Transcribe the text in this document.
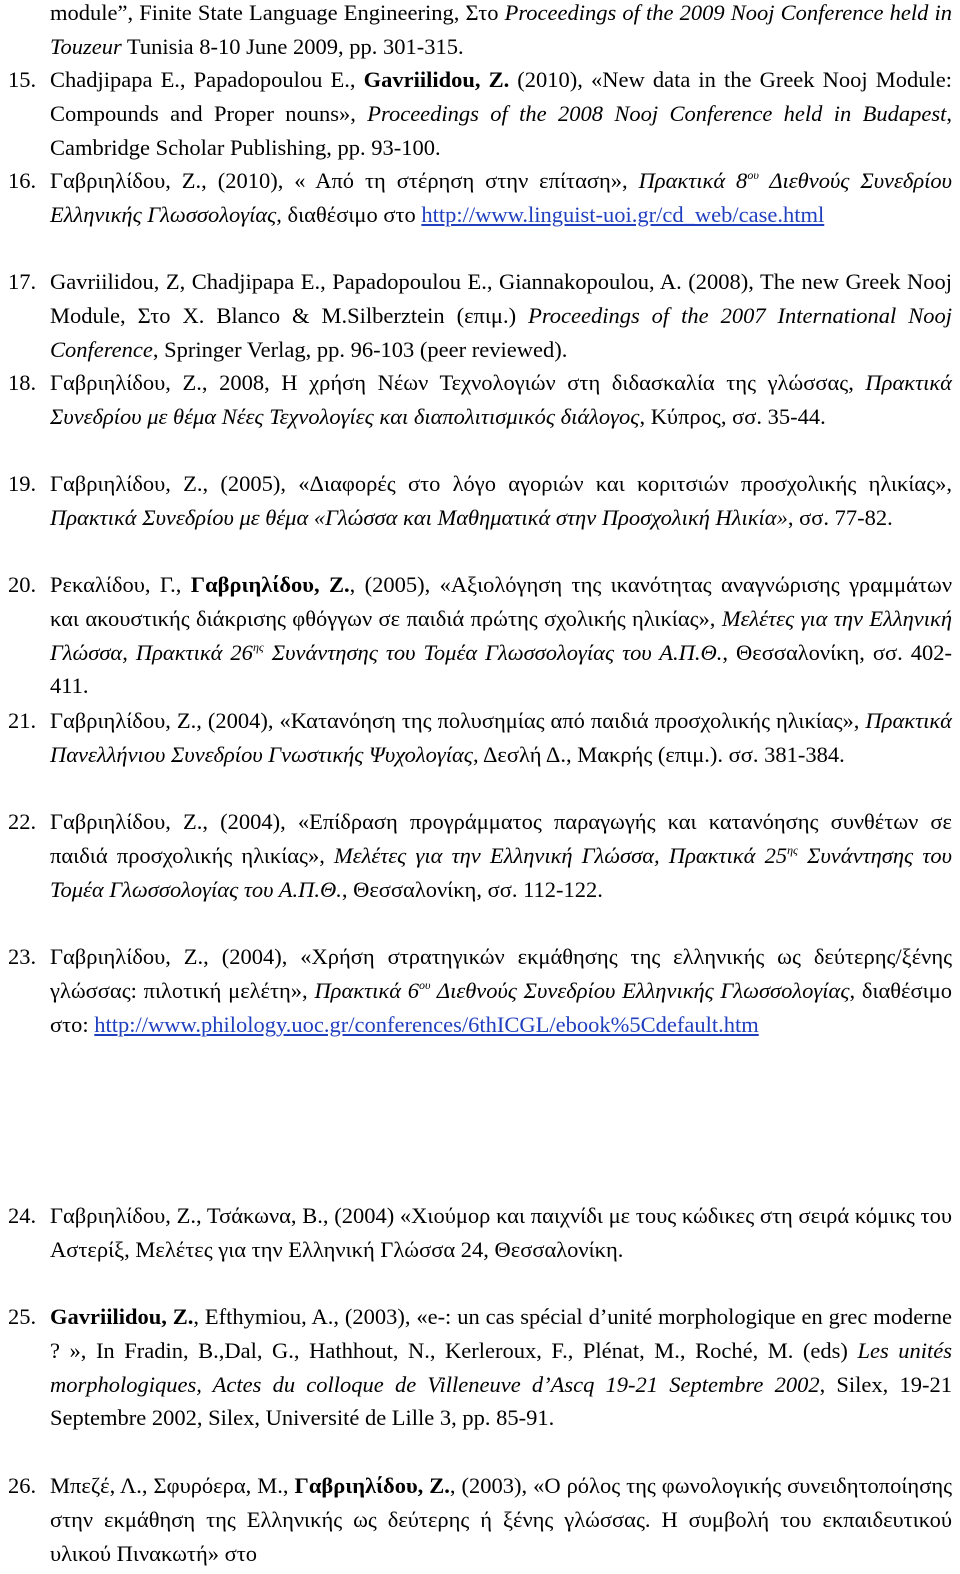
module”, Finite State Language Engineering, Στο Proceedings of the 2009 Nooj Conference held in Touzeur Tunisia 8-10 June 2009, pp. 301-315.
15. Chadjipapa E., Papadopoulou E., Gavriilidou, Z. (2010), «New data in the Greek Nooj Module: Compounds and Proper nouns», Proceedings of the 2008 Nooj Conference held in Budapest, Cambridge Scholar Publishing, pp. 93-100.
16. Γαβριηλίδου, Ζ., (2010), « Από τη στέρηση στην επίταση», Πρακτικά $8^{o\upsilon}$ Διεθνούς Συνεδρίου Ελληνικής Γλωσσολογίας, διαθέσιμο στο http://www.linguist-uoi.gr/cd_web/case.html
17. Gavriilidou, Z, Chadjipapa E., Papadopoulou E., Giannakopoulou, A. (2008), The new Greek Nooj Module, Στο X. Blanco & M.Silberztein (επιμ.) Proceedings of the 2007 International Nooj Conference, Springer Verlag, pp. 96-103 (peer reviewed).
18. Γαβριηλίδου, Ζ., 2008, Η χρήση Νέων Τεχνολογιών στη διδασκαλία της γλώσσας, Πρακτικά Συνεδρίου με θέμα Νέες Τεχνολογίες και διαπολιτισμικός διάλογος, Κύπρος, σσ. 35-44.
19. Γαβριηλίδου, Ζ., (2005), «Διαφορές στο λόγο αγοριών και κοριτσιών προσχολικής ηλικίας», Πρακτικά Συνεδρίου με θέμα «Γλώσσα και Μαθηματικά στην Προσχολική Ηλικία», σσ. 77-82.
20. Ρεκαλίδου, Γ., Γαβριηλίδου, Ζ., (2005), «Αξιολόγηση της ικανότητας αναγνώρισης γραμμάτων και ακουστικής διάκρισης φθόγγων σε παιδιά πρώτης σχολικής ηλικίας», Μελέτες για την Ελληνική Γλώσσα, Πρακτικά $26^{\eta\varsigma}$ Συνάντησης του Τομέα Γλωσσολογίας του Α.Π.Θ., Θεσσαλονίκη, σσ. 402-411.
21. Γαβριηλίδου, Ζ., (2004), «Κατανόηση της πολυσημίας από παιδιά προσχολικής ηλικίας», Πρακτικά Πανελλήνιου Συνεδρίου Γνωστικής Ψυχολογίας, Δεσλή Δ., Μακρής (επιμ.). σσ. 381-384.
22. Γαβριηλίδου, Ζ., (2004), «Επίδραση προγράμματος παραγωγής και κατανόησης συνθέτων σε παιδιά προσχολικής ηλικίας», Μελέτες για την Ελληνική Γλώσσα, Πρακτικά $25^{\eta\varsigma}$ Συνάντησης του Τομέα Γλωσσολογίας του Α.Π.Θ., Θεσσαλονίκη, σσ. 112-122.
23. Γαβριηλίδου, Ζ., (2004), «Χρήση στρατηγικών εκμάθησης της ελληνικής ως δεύτερης/ξένης γλώσσας: πιλοτική μελέτη», Πρακτικά $6^{o\upsilon}$ Διεθνούς Συνεδρίου Ελληνικής Γλωσσολογίας, διαθέσιμο στο: http://www.philology.uoc.gr/conferences/6thICGL/ebook%5Cdefault.htm
24. Γαβριηλίδου, Ζ., Τσάκωνα, Β., (2004) «Χιούμορ και παιχνίδι με τους κώδικες στη σειρά κόμικς του Αστερίξ, Μελέτες για την Ελληνική Γλώσσα 24, Θεσσαλονίκη.
25. Gavriilidou, Z., Efthymiou, A., (2003), «e-: un cas spécial d’unité morphologique en grec moderne ? », In Fradin, B.,Dal, G., Hathhout, N., Kerleroux, F., Plénat, M., Roché, M. (eds) Les unités morphologiques, Actes du colloque de Villeneuve d’Ascq 19-21 Septembre 2002, Silex, 19-21 Septembre 2002, Silex, Université de Lille 3, pp. 85-91.
26. Μπεζέ, Λ., Σφυρόερα, Μ., Γαβριηλίδου, Ζ., (2003), «Ο ρόλος της φωνολογικής συνειδητοποίησης στην εκμάθηση της Ελληνικής ως δεύτερης ή ξένης γλώσσας. Η συμβολή του εκπαιδευτικού υλικού Πινακωτή» στο
